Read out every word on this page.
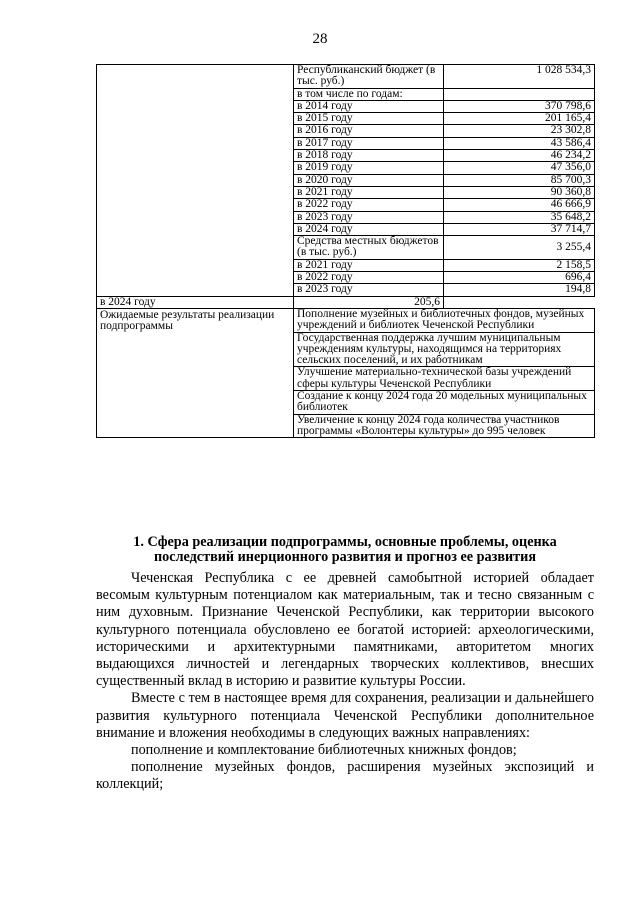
28
	Республиканский бюджет (в тыс. руб.)	1 028 534,3
	в том числе по годам:	
	в 2014 году	370 798,6
	в 2015 году	201 165,4
	в 2016 году	23 302,8
	в 2017 году	43 586,4
	в 2018 году	46 234,2
	в 2019 году	47 356,0
	в 2020 году	85 700,3
	в 2021 году	90 360,8
	в 2022 году	46 666,9
	в 2023 году	35 648,2
	в 2024 году	37 714,7
	Средства местных бюджетов (в тыс. руб.)	3 255,4
	в 2021 году	2 158,5
	в 2022 году	696,4
	в 2023 году	194,8
в 2024 году	205,6	
Ожидаемые результаты реализации подпрограммы	Пополнение музейных и библиотечных фондов, музейных учреждений и библиотек Чеченской Республики	
	Государственная поддержка лучшим муниципальным учреждениям культуры, находящимся на территориях сельских поселений, и их работникам	
	Улучшение материально-технической базы учреждений сферы культуры Чеченской Республики	
	Создание к концу 2024 года 20 модельных муниципальных библиотек	
	Увеличение к концу 2024 года количества участников программы «Волонтеры культуры» до 995 человек	
1. Сфера реализации подпрограммы, основные проблемы, оценка последствий инерционного развития и прогноз ее развития

Чеченская Республика с ее древней самобытной историей обладает весомым культурным потенциалом как материальным, так и тесно связанным с ним духовным. Признание Чеченской Республики, как территории высокого культурного потенциала обусловлено ее богатой историей: археологическими, историческими и архитектурными памятниками, авторитетом многих выдающихся личностей и легендарных творческих коллективов, внесших существенный вклад в историю и развитие культуры России.

Вместе с тем в настоящее время для сохранения, реализации и дальнейшего развития культурного потенциала Чеченской Республики дополнительное внимание и вложения необходимы в следующих важных направлениях:

пополнение и комплектование библиотечных книжных фондов;

пополнение музейных фондов, расширения музейных экспозиций и коллекций;
